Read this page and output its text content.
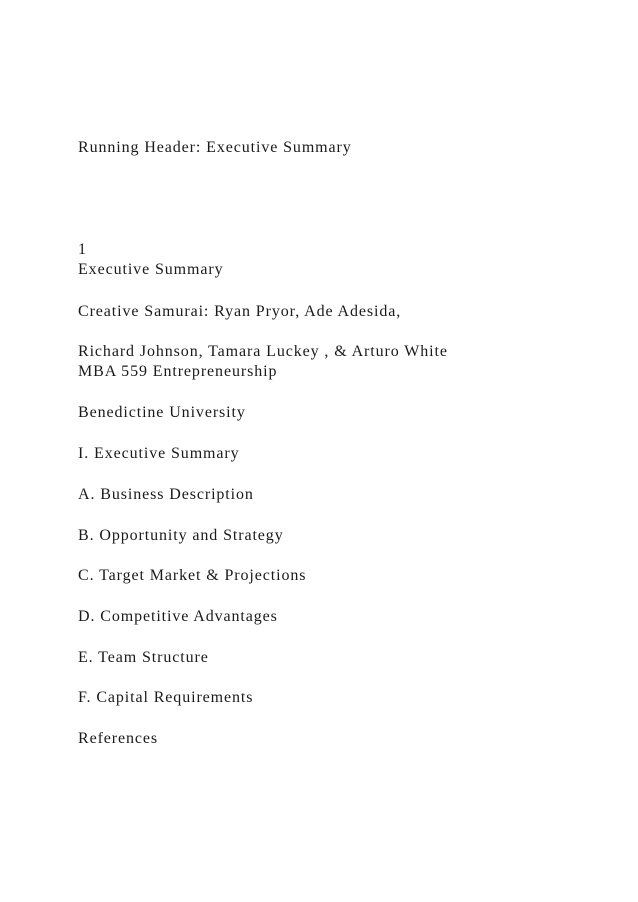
Running Header: Executive Summary

1

Executive Summary

Creative Samurai: Ryan Pryor, Ade Adesida,

Richard Johnson, Tamara Luckey , & Arturo White

MBA 559 Entrepreneurship

Benedictine University

I. Executive Summary

A. Business Description

B. Opportunity and Strategy

C. Target Market & Projections

D. Competitive Advantages

E. Team Structure

F. Capital Requirements

References
